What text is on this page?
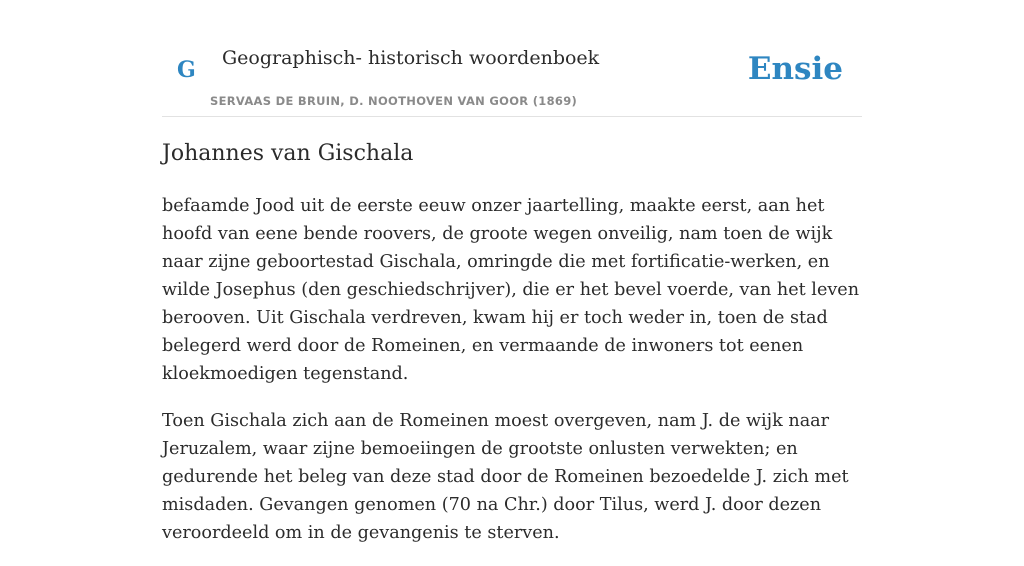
G Geographisch- historisch woordenboek
SERVAAS DE BRUIN, D. NOOTHOVEN VAN GOOR (1869)
Ensie
Johannes van Gischala

befaamde Jood uit de eerste eeuw onzer jaartelling, maakte eerst, aan het hoofd van eene bende roovers, de groote wegen onveilig, nam toen de wijk naar zijne geboortestad Gischala, omringde die met fortificatie-werken, en wilde Josephus (den geschiedschrijver), die er het bevel voerde, van het leven berooven. Uit Gischala verdreven, kwam hij er toch weder in, toen de stad belegerd werd door de Romeinen, en vermaande de inwoners tot eenen kloekmoedigen tegenstand.

Toen Gischala zich aan de Romeinen moest overgeven, nam J. de wijk naar Jeruzalem, waar zijne bemoeiingen de grootste onlusten verwekten; en gedurende het beleg van deze stad door de Romeinen bezoedelde J. zich met misdaden. Gevangen genomen (70 na Chr.) door Tilus, werd J. door dezen veroordeeld om in de gevangenis te sterven.
